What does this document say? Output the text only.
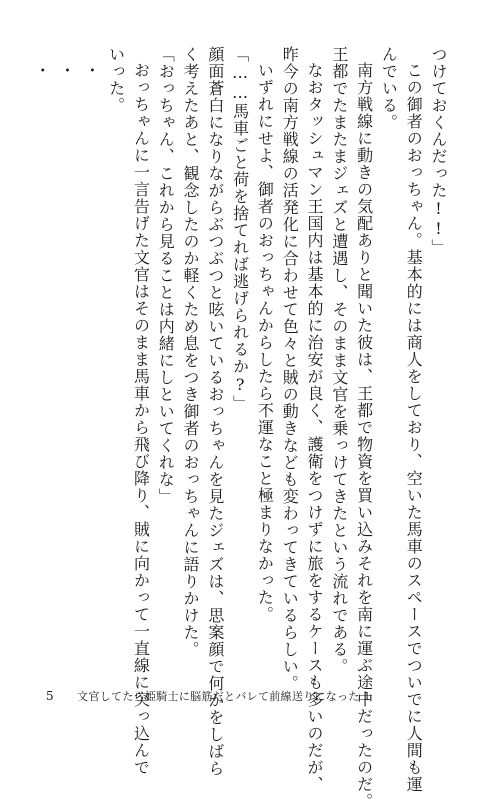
つけておくんだった!!」

この御者のおっちゃん。基本的には商人をしており、空いた馬車のスペースでついでに人間も運

んでいる。

南方戦線に動きの気配ありと聞いた彼は、王都で物資を買い込みそれを南に運ぶ途中だったのだ。

王都でたまたまジェズと遭遇し、そのまま文官を乗っけてきたという流れである。

なおタッシュマン王国内は基本的に治安が良く、護衛をつけずに旅をするケースも多いのだが、

昨今の南方戦線の活発化に合わせて色々と賊の動きなども変わってきているらしい。

いずれにせよ、御者のおっちゃんからしたら不運なこと極まりなかった。

「……馬車ごと荷を捨てれば逃げられるか?」

顔面蒼白になりながらぶつぶつと呟いているおっちゃんを見たジェズは、思案顔で何かをしばら

く考えたあと、観念したのか軽くため息をつき御者のおっちゃんに語りかけた。

「おっちゃん、これから見ることは内緒にしといてくれな」

おっちゃんに一言告げた文官はそのまま馬車から飛び降り、賊に向かって一直線に突っ込んで

いった。

・

・

・

5 文官してたら姫騎士に脳筋だとバレて前線送りになった 1
